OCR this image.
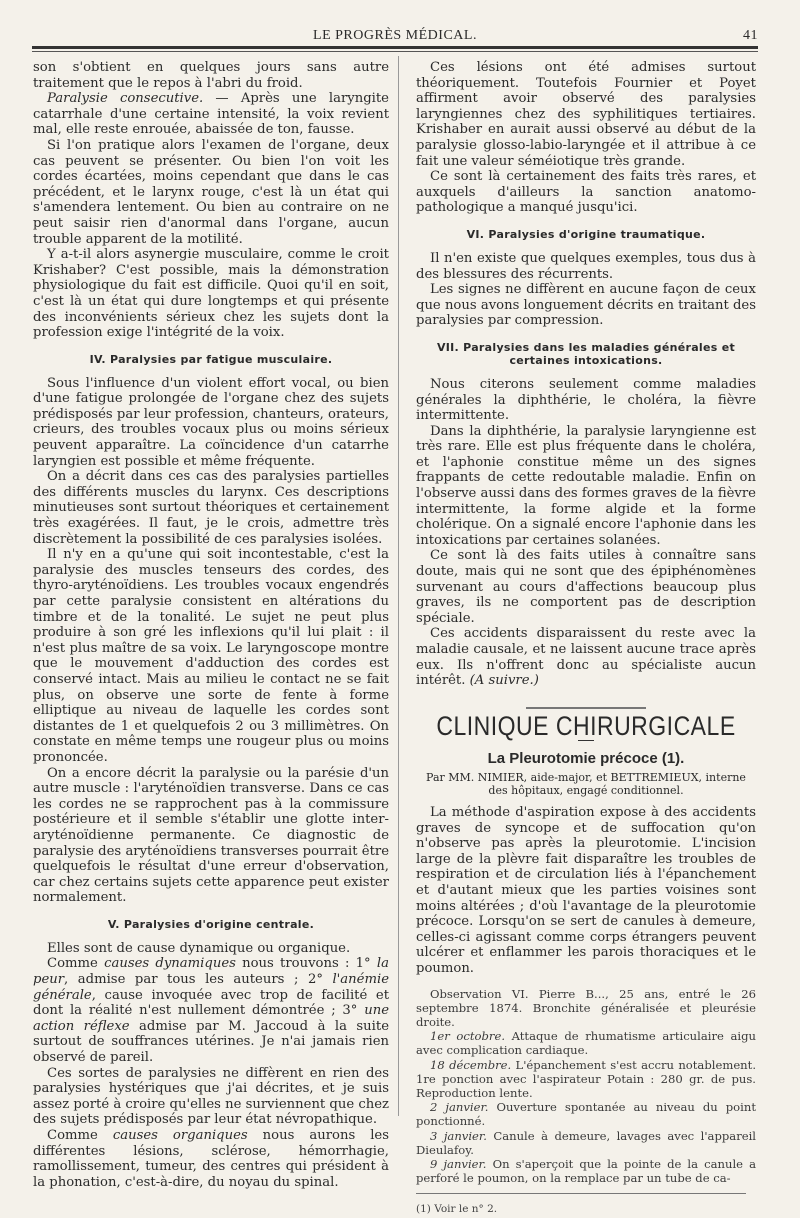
LE PROGRÈS MÉDICAL.	41

son s'obtient en quelques jours sans autre traitement que le repos à l'abri du froid.

Paralysie consecutive. — Après une laryngite catarrhale d'une certaine intensité, la voix revient mal, elle reste enrouée, abaissée de ton, fausse.

Si l'on pratique alors l'examen de l'organe, deux cas peuvent se présenter. Ou bien l'on voit les cordes écartées, moins cependant que dans le cas précédent, et le larynx rouge, c'est là un état qui s'amendera lentement. Ou bien au contraire on ne peut saisir rien d'anormal dans l'organe, aucun trouble apparent de la motilité.

Y a-t-il alors asynergie musculaire, comme le croit Krishaber? C'est possible, mais la démonstration physiologique du fait est difficile. Quoi qu'il en soit, c'est là un état qui dure longtemps et qui présente des inconvénients sérieux chez les sujets dont la profession exige l'intégrité de la voix.

IV. Paralysies par fatigue musculaire.

Sous l'influence d'un violent effort vocal, ou bien d'une fatigue prolongée de l'organe chez des sujets prédisposés par leur profession, chanteurs, orateurs, crieurs, des troubles vocaux plus ou moins sérieux peuvent apparaître. La coïncidence d'un catarrhe laryngien est possible et même fréquente.

On a décrit dans ces cas des paralysies partielles des différents muscles du larynx. Ces descriptions minutieuses sont surtout théoriques et certainement très exagérées. Il faut, je le crois, admettre très discrètement la possibilité de ces paralysies isolées.

Il n'y en a qu'une qui soit incontestable, c'est la paralysie des muscles tenseurs des cordes, des thyro-aryténoïdiens. Les troubles vocaux engendrés par cette paralysie consistent en altérations du timbre et de la tonalité. Le sujet ne peut plus produire à son gré les inflexions qu'il lui plait : il n'est plus maître de sa voix. Le laryngoscope montre que le mouvement d'adduction des cordes est conservé intact. Mais au milieu le contact ne se fait plus, on observe une sorte de fente à forme elliptique au niveau de laquelle les cordes sont distantes de 1 et quelquefois 2 ou 3 millimètres. On constate en même temps une rougeur plus ou moins prononcée.

On a encore décrit la paralysie ou la parésie d'un autre muscle : l'aryténoïdien transverse. Dans ce cas les cordes ne se rapprochent pas à la commissure postérieure et il semble s'établir une glotte inter-aryténoïdienne permanente. Ce diagnostic de paralysie des aryténoïdiens transverses pourrait être quelquefois le résultat d'une erreur d'observation, car chez certains sujets cette apparence peut exister normalement.

V. Paralysies d'origine centrale.

Elles sont de cause dynamique ou organique.

Comme causes dynamiques nous trouvons : 1° la peur, admise par tous les auteurs ; 2° l'anémie générale, cause invoquée avec trop de facilité et dont la réalité n'est nullement démontrée ; 3° une action réflexe admise par M. Jaccoud à la suite surtout de souffrances utérines. Je n'ai jamais rien observé de pareil.

Ces sortes de paralysies ne diffèrent en rien des paralysies hystériques que j'ai décrites, et je suis assez porté à croire qu'elles ne surviennent que chez des sujets prédisposés par leur état névropathique.

Comme causes organiques nous aurons les différentes lésions, sclérose, hémorrhagie, ramollissement, tumeur, des centres qui président à la phonation, c'est-à-dire, du noyau du spinal.

Ces lésions ont été admises surtout théoriquement. Toutefois Fournier et Poyet affirment avoir observé des paralysies laryngiennes chez des syphilitiques tertiaires. Krishaber en aurait aussi observé au début de la paralysie glosso-labio-laryngée et il attribue à ce fait une valeur séméiotique très grande.

Ce sont là certainement des faits très rares, et auxquels d'ailleurs la sanction anatomo-pathologique a manqué jusqu'ici.

VI. Paralysies d'origine traumatique.

Il n'en existe que quelques exemples, tous dus à des blessures des récurrents.

Les signes ne diffèrent en aucune façon de ceux que nous avons longuement décrits en traitant des paralysies par compression.

VII. Paralysies dans les maladies générales et certaines intoxications.

Nous citerons seulement comme maladies générales la diphthérie, le choléra, la fièvre intermittente.

Dans la diphthérie, la paralysie laryngienne est très rare. Elle est plus fréquente dans le choléra, et l'aphonie constitue même un des signes frappants de cette redoutable maladie. Enfin on l'observe aussi dans des formes graves de la fièvre intermittente, la forme algide et la forme cholérique. On a signalé encore l'aphonie dans les intoxications par certaines solanées.

Ce sont là des faits utiles à connaître sans doute, mais qui ne sont que des épiphénomènes survenant au cours d'affections beaucoup plus graves, ils ne comportent pas de description spéciale.

Ces accidents disparaissent du reste avec la maladie causale, et ne laissent aucune trace après eux. Ils n'offrent donc au spécialiste aucun intérêt. (A suivre.)

CLINIQUE CHIRURGICALE
La Pleurotomie précoce (1).
Par MM. NIMIER, aide-major, et BETTREMIEUX, interne des hôpitaux, engagé conditionnel.

La méthode d'aspiration expose à des accidents graves de syncope et de suffocation qu'on n'observe pas après la pleurotomie. L'incision large de la plèvre fait disparaître les troubles de respiration et de circulation liés à l'épanchement et d'autant mieux que les parties voisines sont moins altérées ; d'où l'avantage de la pleurotomie précoce. Lorsqu'on se sert de canules à demeure, celles-ci agissant comme corps étrangers peuvent ulcérer et enflammer les parois thoraciques et le poumon.

Observation VI. Pierre B..., 25 ans, entré le 26 septembre 1874. Bronchite généralisée et pleurésie droite.

1er octobre. Attaque de rhumatisme articulaire aigu avec complication cardiaque.

18 décembre. L'épanchement s'est accru notablement. 1re ponction avec l'aspirateur Potain : 280 gr. de pus. Reproduction lente.

2 janvier. Ouverture spontanée au niveau du point ponctionné.

3 janvier. Canule à demeure, lavages avec l'appareil Dieulafoy.

9 janvier. On s'aperçoit que la pointe de la canule a perforé le poumon, on la remplace par un tube de ca-

(1) Voir le n° 2.
